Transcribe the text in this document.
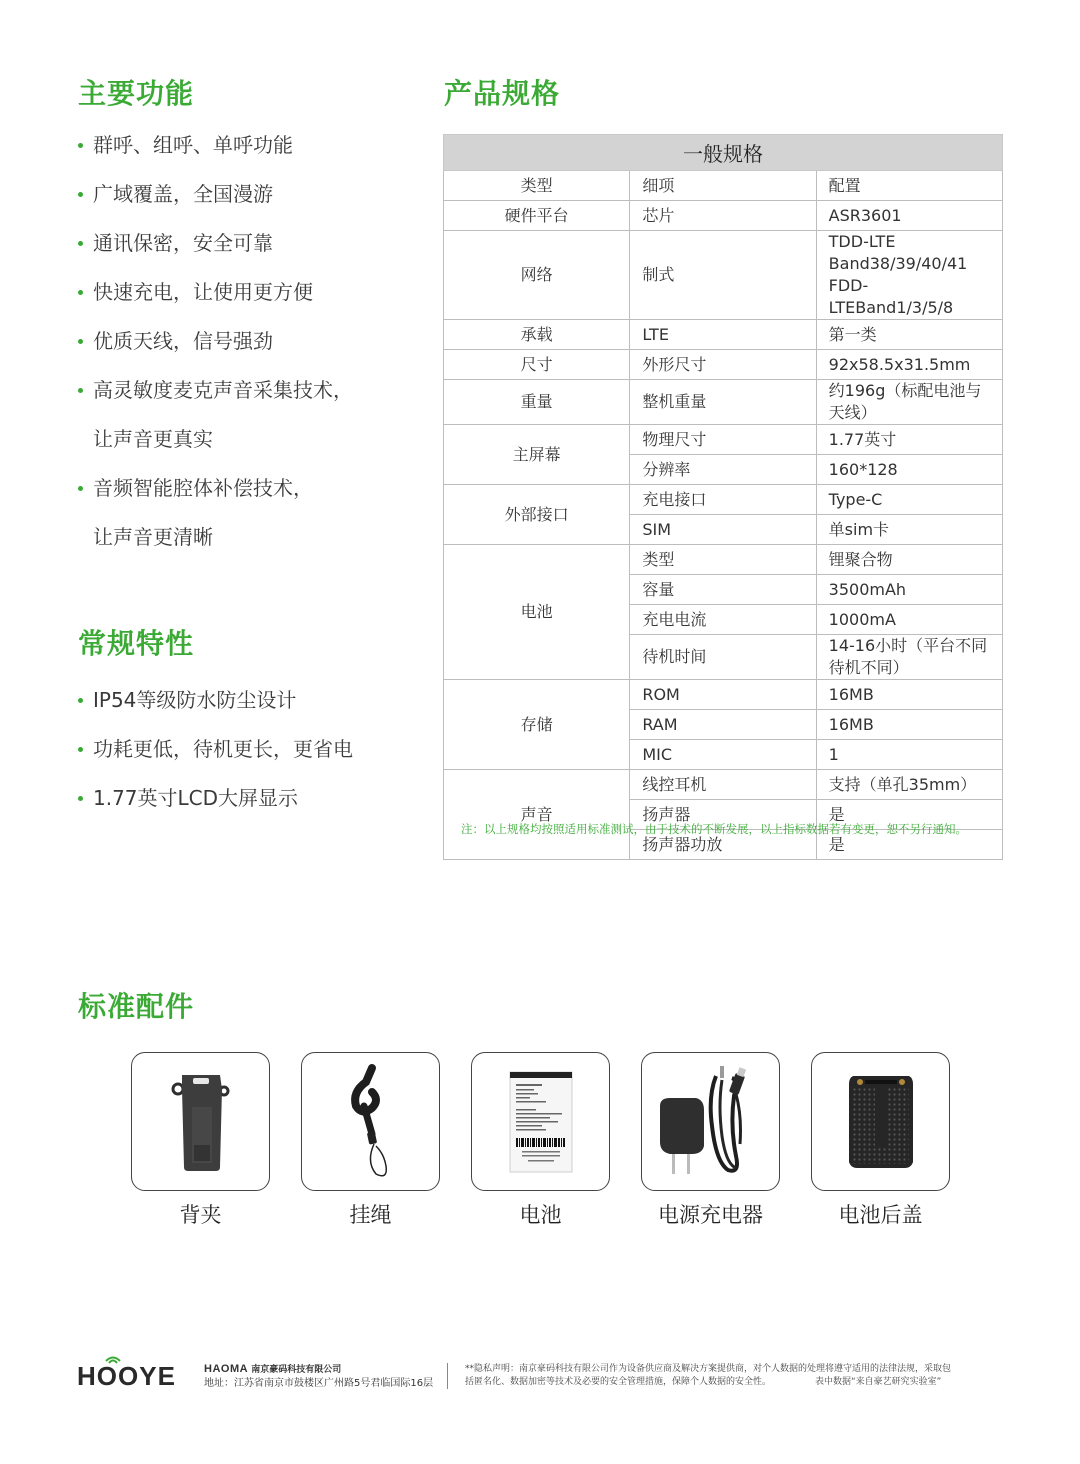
主要功能
群呼、组呼、单呼功能
广域覆盖，全国漫游
通讯保密，安全可靠
快速充电，让使用更方便
优质天线，信号强劲
高灵敏度麦克声音采集技术，
让声音更真实
音频智能腔体补偿技术，
让声音更清晰
常规特性
IP54等级防水防尘设计
功耗更低，待机更长，更省电
1.77英寸LCD大屏显示
产品规格
一般规格		
类型	细项	配置
硬件平台	芯片	ASR3601
网络	制式	TDD-LTE Band38/39/40/41
FDD-LTEBand1/3/5/8

承载	LTE	第一类
尺寸	外形尺寸	92x58.5x31.5mm
重量	整机重量	约196g（标配电池与天线）
主屏幕	物理尺寸	1.77英寸
	分辨率	160*128
外部接口	充电接口	Type-C
	SIM	单sim卡
电池	类型	锂聚合物
	容量	3500mAh
	充电电流	1000mA
	待机时间	14-16小时（平台不同待机不同）
存储	ROM	16MB
	RAM	16MB
	MIC	1
声音	线控耳机	支持（单孔35mm）
	扬声器	是
	扬声器功放	是
注：以上规格均按照适用标准测试，由于技术的不断发展，以上指标数据若有变更，恕不另行通知。
标准配件
背夹	挂绳	电池	电源充电器	电池后盖
HOOYE	HAOMA 南京豪码科技有限公司
地址：江苏省南京市鼓楼区广州路5号君临国际16层
**隐私声明：南京豪码科技有限公司作为设备供应商及解决方案提供商，对个人数据的处理将遵守适用的法律法规，采取包
括匿名化、数据加密等技术及必要的安全管理措施，保障个人数据的安全性。	表中数据“来自豪艺研究实验室”
